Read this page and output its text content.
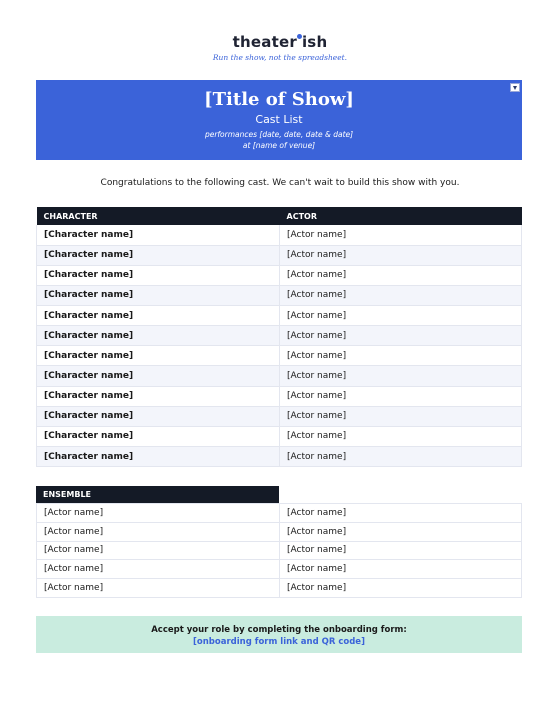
theater ish
Run the show, not the spreadsheet.
[Title of Show]
Cast List
performances [date, date, date & date]
at [name of venue]
Congratulations to the following cast. We can't wait to build this show with you.
CHARACTER	ACTOR
[Character name]	[Actor name]
[Character name]	[Actor name]
[Character name]	[Actor name]
[Character name]	[Actor name]
[Character name]	[Actor name]
[Character name]	[Actor name]
[Character name]	[Actor name]
[Character name]	[Actor name]
[Character name]	[Actor name]
[Character name]	[Actor name]
[Character name]	[Actor name]
[Character name]	[Actor name]
ENSEMBLE
[Actor name]	[Actor name]
[Actor name]	[Actor name]
[Actor name]	[Actor name]
[Actor name]	[Actor name]
[Actor name]	[Actor name]
Accept your role by completing the onboarding form:
[onboarding form link and QR code]
